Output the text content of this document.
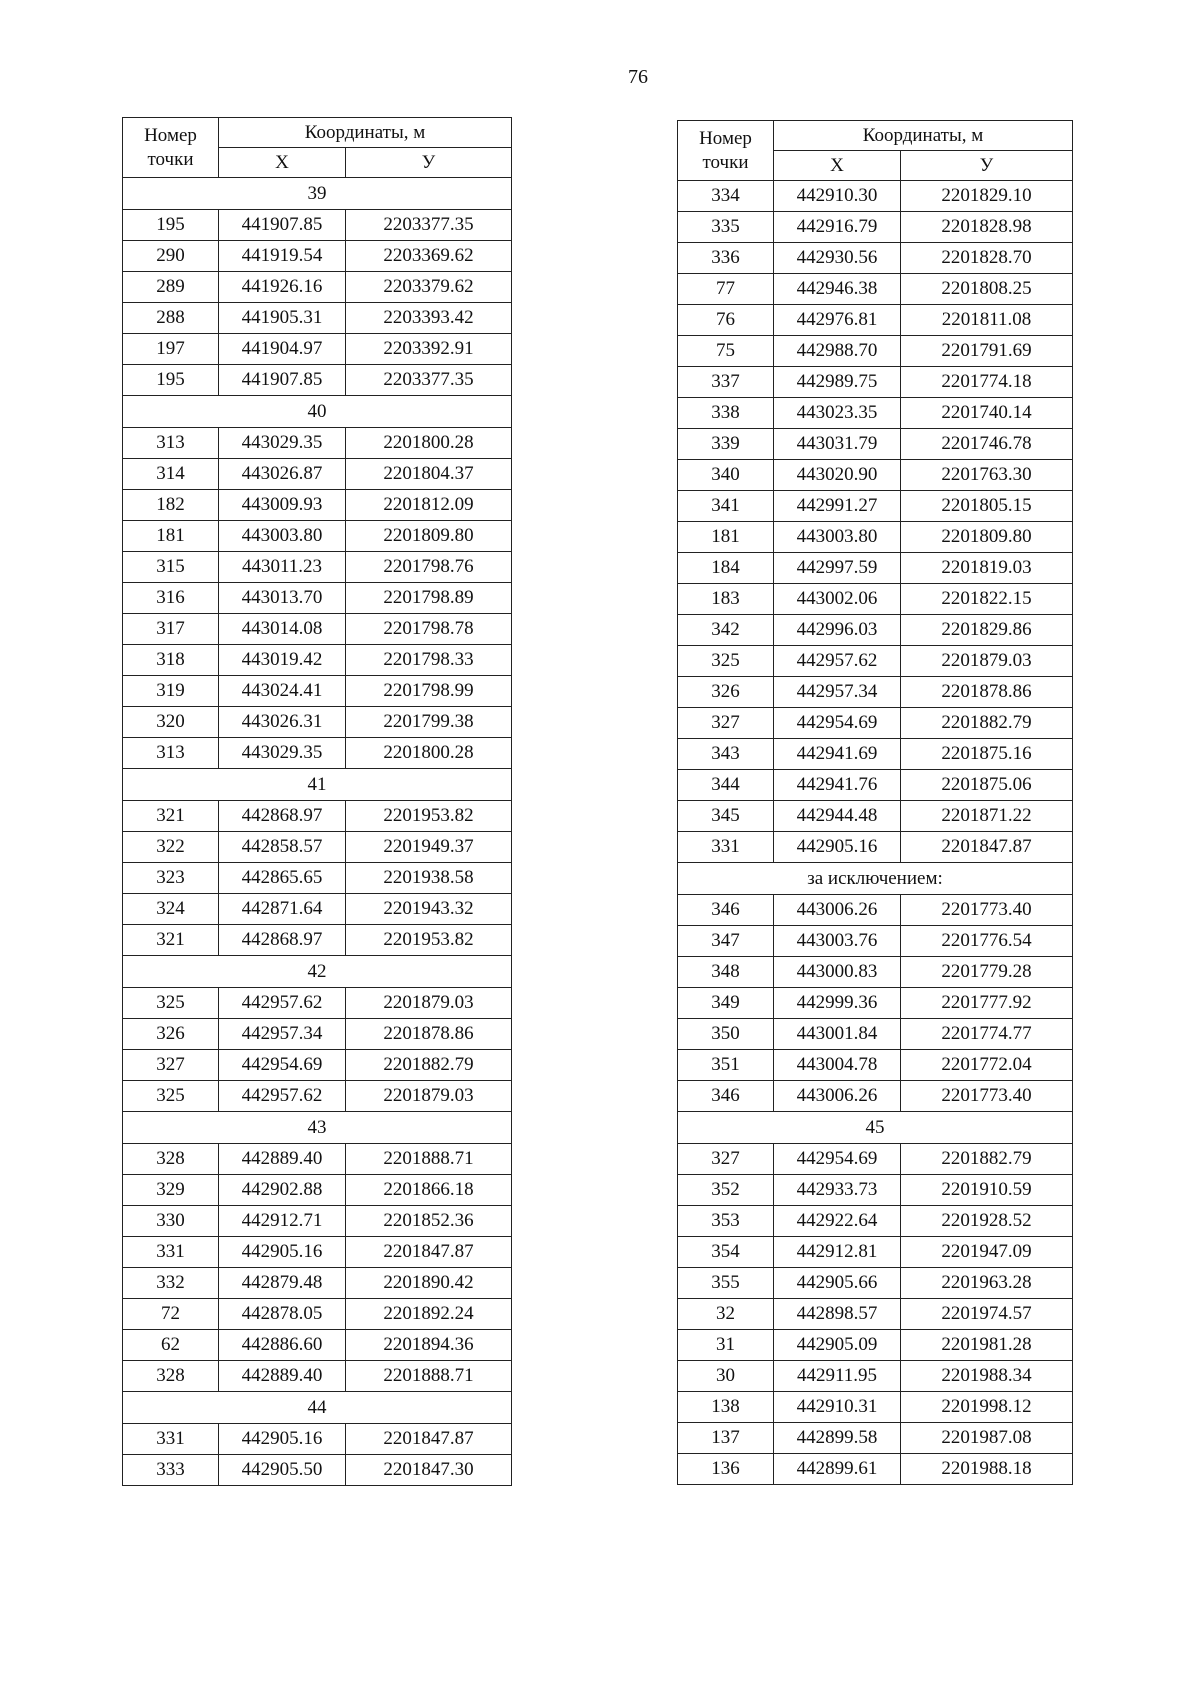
76
Номер точки	Координаты, м	
	Х	У
39		
195	441907.85	2203377.35
290	441919.54	2203369.62
289	441926.16	2203379.62
288	441905.31	2203393.42
197	441904.97	2203392.91
195	441907.85	2203377.35
40		
313	443029.35	2201800.28
314	443026.87	2201804.37
182	443009.93	2201812.09
181	443003.80	2201809.80
315	443011.23	2201798.76
316	443013.70	2201798.89
317	443014.08	2201798.78
318	443019.42	2201798.33
319	443024.41	2201798.99
320	443026.31	2201799.38
313	443029.35	2201800.28
41		
321	442868.97	2201953.82
322	442858.57	2201949.37
323	442865.65	2201938.58
324	442871.64	2201943.32
321	442868.97	2201953.82
42		
325	442957.62	2201879.03
326	442957.34	2201878.86
327	442954.69	2201882.79
325	442957.62	2201879.03
43		
328	442889.40	2201888.71
329	442902.88	2201866.18
330	442912.71	2201852.36
331	442905.16	2201847.87
332	442879.48	2201890.42
72	442878.05	2201892.24
62	442886.60	2201894.36
328	442889.40	2201888.71
44		
331	442905.16	2201847.87
333	442905.50	2201847.30
Номер точки	Координаты, м	
	Х	У
334	442910.30	2201829.10
335	442916.79	2201828.98
336	442930.56	2201828.70
77	442946.38	2201808.25
76	442976.81	2201811.08
75	442988.70	2201791.69
337	442989.75	2201774.18
338	443023.35	2201740.14
339	443031.79	2201746.78
340	443020.90	2201763.30
341	442991.27	2201805.15
181	443003.80	2201809.80
184	442997.59	2201819.03
183	443002.06	2201822.15
342	442996.03	2201829.86
325	442957.62	2201879.03
326	442957.34	2201878.86
327	442954.69	2201882.79
343	442941.69	2201875.16
344	442941.76	2201875.06
345	442944.48	2201871.22
331	442905.16	2201847.87
за исключением:		
346	443006.26	2201773.40
347	443003.76	2201776.54
348	443000.83	2201779.28
349	442999.36	2201777.92
350	443001.84	2201774.77
351	443004.78	2201772.04
346	443006.26	2201773.40
45		
327	442954.69	2201882.79
352	442933.73	2201910.59
353	442922.64	2201928.52
354	442912.81	2201947.09
355	442905.66	2201963.28
32	442898.57	2201974.57
31	442905.09	2201981.28
30	442911.95	2201988.34
138	442910.31	2201998.12
137	442899.58	2201987.08
136	442899.61	2201988.18
